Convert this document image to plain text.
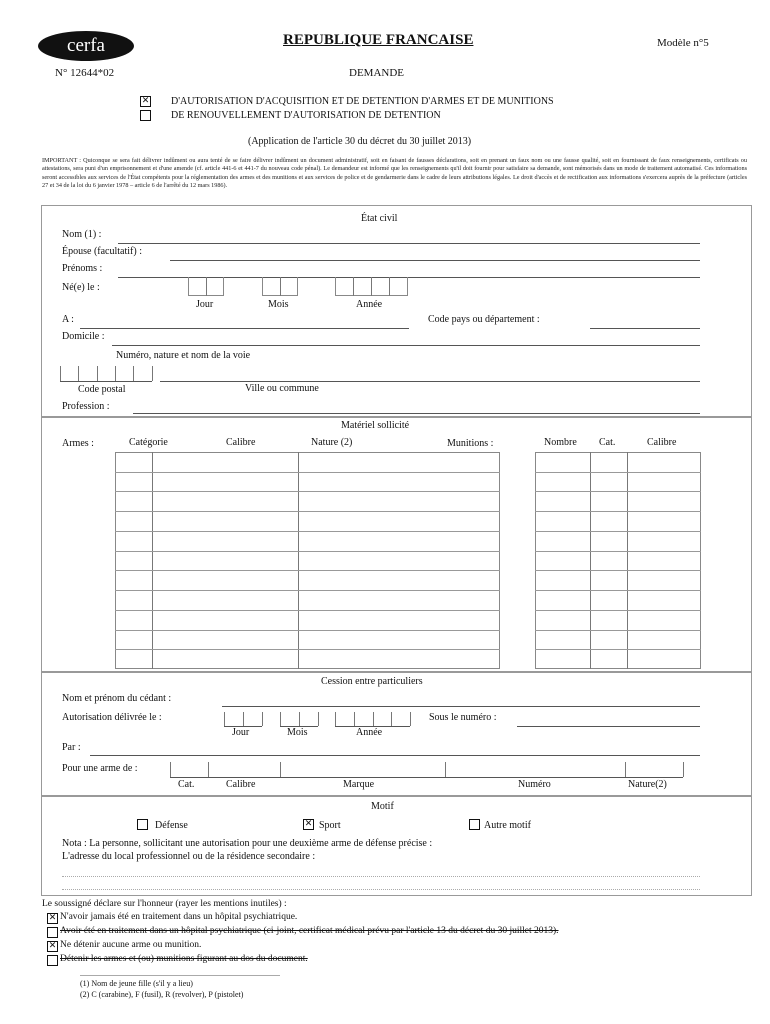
cerfa	REPUBLIQUE FRANCAISE	Modèle n°5
N° 12644*02	DEMANDE
✕ D'AUTORISATION D'ACQUISITION ET DE DETENTION D'ARMES ET DE MUNITIONS
DE RENOUVELLEMENT D'AUTORISATION DE DETENTION
(Application de l'article 30 du décret du 30 juillet 2013)
IMPORTANT : Quiconque se sera fait délivrer indûment ou aura tenté de se faire délivrer indûment un document administratif, soit en faisant de fausses déclarations, soit en prenant un faux nom ou une fausse qualité, soit en fournissant de faux renseignements, certificats ou attestations, sera puni d'un emprisonnement et d'une amende (cf. article 441-6 et 441-7 du nouveau code pénal). Le demandeur est informé que les renseignements qu'il doit fournir pour satisfaire sa demande, sont mémorisés dans un mode de traitement automatisé. Ces informations seront accessibles aux services de l'État compétents pour la réglementation des armes et des munitions et aux services de police et de gendarmerie dans le cadre de leurs attributions légales. Le droit d'accès et de rectification aux informations s'exercera auprès de la préfecture (articles 27 et 34 de la loi du 6 janvier 1978 – article 6 de l'arrêté du 12 mars 1986).
État civil
Nom (1) :
Épouse (facultatif) :
Prénoms :
Né(e) le :
Jour	Mois	Année
A :	Code pays ou département :
Domicile :
Numéro, nature et nom de la voie
Code postal	Ville ou commune
Profession :
Matériel sollicité
Armes :	Catégorie	Calibre	Nature (2)	Munitions :	Nombre Cat.	Calibre
Cession entre particuliers
Nom et prénom du cédant :
Autorisation délivrée le :	Sous le numéro :
Jour	Mois	Année
Par :
Pour une arme de :
Cat.	Calibre	Marque	Numéro	Nature(2)
Motif
Défense	✕ Sport	Autre motif
Nota : La personne, sollicitant une autorisation pour une deuxième arme de défense précise :
L'adresse du local professionnel ou de la résidence secondaire :
Le soussigné déclare sur l'honneur (rayer les mentions inutiles) :
✕ N'avoir jamais été en traitement dans un hôpital psychiatrique.
Avoir été en traitement dans un hôpital psychiatrique (ci-joint, certificat médical prévu par l'article 13 du décret du 30 juillet 2013).
✕ Ne détenir aucune arme ou munition.
Détenir les armes et (ou) munitions figurant au dos du document.
(1) Nom de jeune fille (s'il y a lieu)
(2) C (carabine), F (fusil), R (revolver), P (pistolet)
